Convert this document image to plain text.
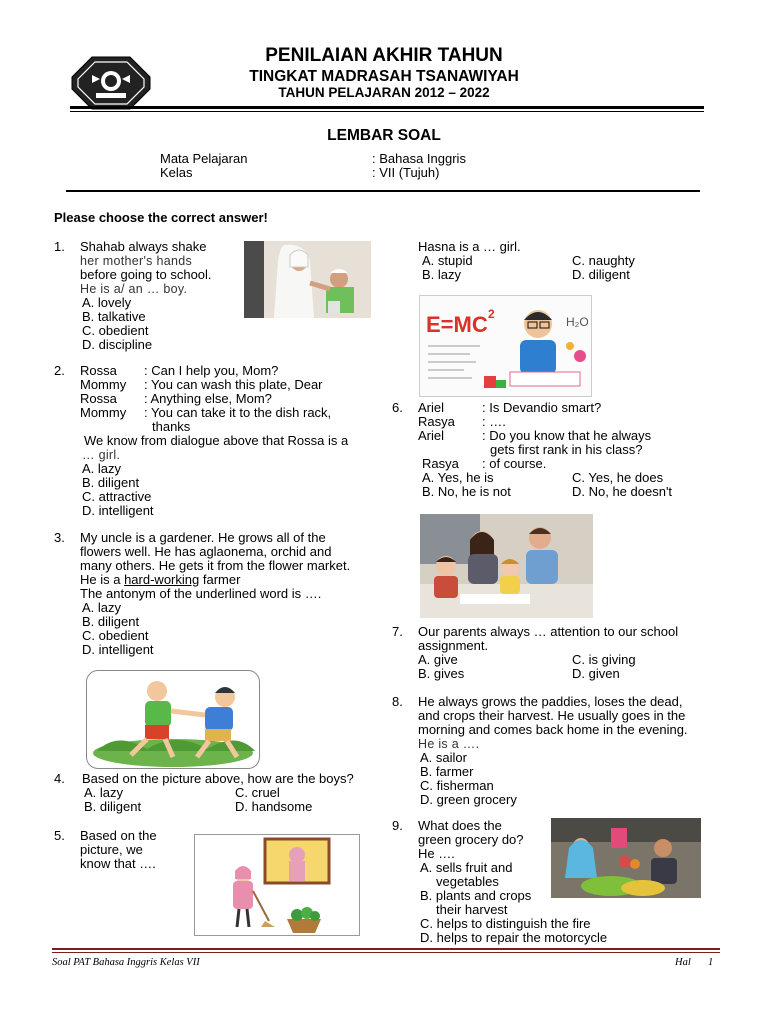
PENILAIAN AKHIR TAHUN
TINGKAT MADRASAH TSANAWIYAH
TAHUN PELAJARAN 2012 – 2022
LEMBAR SOAL
Mata Pelajaran	: Bahasa Inggris
Kelas	: VII (Tujuh)
Please choose the correct answer!
1. Shahab always shake
her mother's hands
before going to school.
He is a/ an … boy.
A. lovely
B. talkative
C. obedient
D. discipline
2. Rossa : Can I help you, Mom?
Mommy : You can wash this plate, Dear
Rossa : Anything else, Mom?
Mommy : You can take it to the dish rack,
thanks
We know from dialogue above that Rossa is a
… girl.
A. lazy
B. diligent
C. attractive
D. intelligent
3. My uncle is a gardener. He grows all of the
flowers well. He has aglaonema, orchid and
many others. He gets it from the flower market.
He is a hard-working farmer
The antonym of the underlined word is ….
A. lazy
B. diligent
C. obedient
D. intelligent
4. Based on the picture above, how are the boys?
A. lazy
B. diligent
C. cruel
D. handsome
5. Based on the
picture, we
know that ….
Hasna is a … girl.
A. stupid
B. lazy
C. naughty
D. diligent
E=MC 2
H₂O
6. Ariel	: Is Devandio smart?
Rasya : ….
Ariel	: Do you know that he always
gets first rank in his class?
Rasya : of course.
A. Yes, he is
B. No, he is not
C. Yes, he does
D. No, he doesn't
7. Our parents always … attention to our school
assignment.
A. give
B. gives
C. is giving
D. given
8. He always grows the paddies, loses the dead,
and crops their harvest. He usually goes in the
morning and comes back home in the evening.
He is a ….
A. sailor
B. farmer
C. fisherman
D. green grocery
9. What does the
green grocery do?
He ….
A. sells fruit and
vegetables
B. plants and crops
their harvest
C. helps to distinguish the fire
D. helps to repair the motorcycle
Soal PAT Bahasa Inggris Kelas VII	Hal 1
